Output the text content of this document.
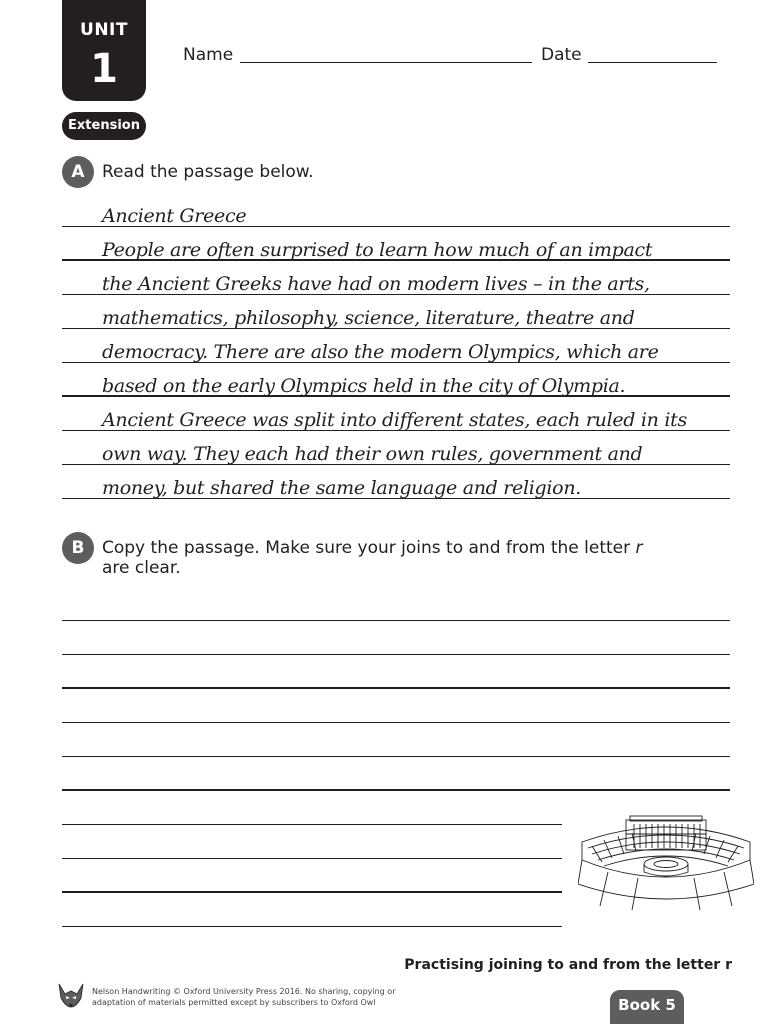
UNIT
1	Name	Date
Extension
A	Read the passage below.
Ancient Greece
People are often surprised to learn how much of an impact
the Ancient Greeks have had on modern lives – in the arts,
mathematics, philosophy, science, literature, theatre and
democracy. There are also the modern Olympics, which are
based on the early Olympics held in the city of Olympia.
Ancient Greece was split into different states, each ruled in its
own way. They each had their own rules, government and
money, but shared the same language and religion.
B	Copy the passage. Make sure your joins to and from the letter r
are clear.
Practising joining to and from the letter r
Nelson Handwriting © Oxford University Press 2016. No sharing, copying or adaptation of materials permitted except by subscribers to Oxford Owl	Book 5
